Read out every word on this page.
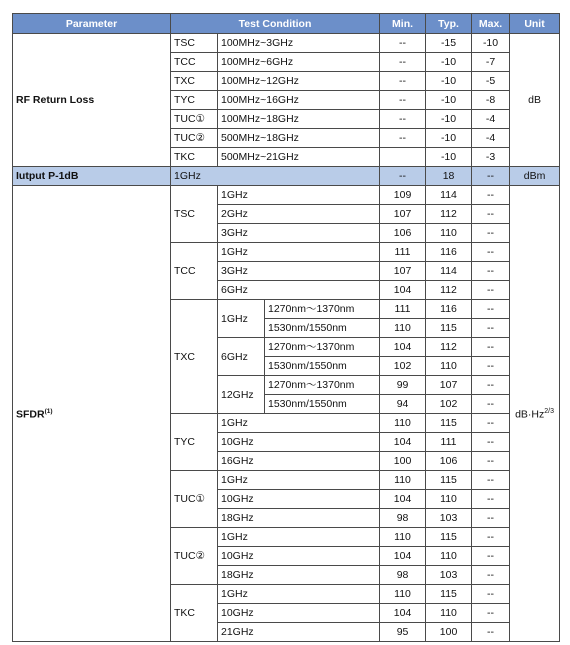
Parameter	Test Condition			Min.	Typ.	Max.	Unit
RF Return Loss	TSC	100MHz~3GHz		--	-15	-10	dB
	TCC	100MHz~6GHz		--	-10	-7	
	TXC	100MHz~12GHz		--	-10	-5	
	TYC	100MHz~16GHz		--	-10	-8	
	TUC①	100MHz~18GHz		--	-10	-4	
	TUC②	500MHz~18GHz		--	-10	-4	
	TKC	500MHz~21GHz			-10	-3	
Iutput P-1dB	1GHz			--	18	--	dBm
SFDR$^{(1)}$	TSC	1GHz		109	114	--	$dB\cdot Hz^{2/3}$
		2GHz		107	112	--	
		3GHz		106	110	--	
	TCC	1GHz		111	116	--	
		3GHz		107	114	--	
		6GHz		104	112	--	
	TXC	1GHz	1270nm～1370nm	111	116	--	
			1530nm/1550nm	110	115	--	
		6GHz	1270nm～1370nm	104	112	--	
			1530nm/1550nm	102	110	--	
		12GHz	1270nm～1370nm	99	107	--	
			1530nm/1550nm	94	102	--	
	TYC	1GHz		110	115	--	
		10GHz		104	111	--	
		16GHz		100	106	--	
	TUC①	1GHz		110	115	--	
		10GHz		104	110	--	
		18GHz		98	103	--	
	TUC②	1GHz		110	115	--	
		10GHz		104	110	--	
		18GHz		98	103	--	
	TKC	1GHz		110	115	--	
		10GHz		104	110	--	
		21GHz		95	100	--	
